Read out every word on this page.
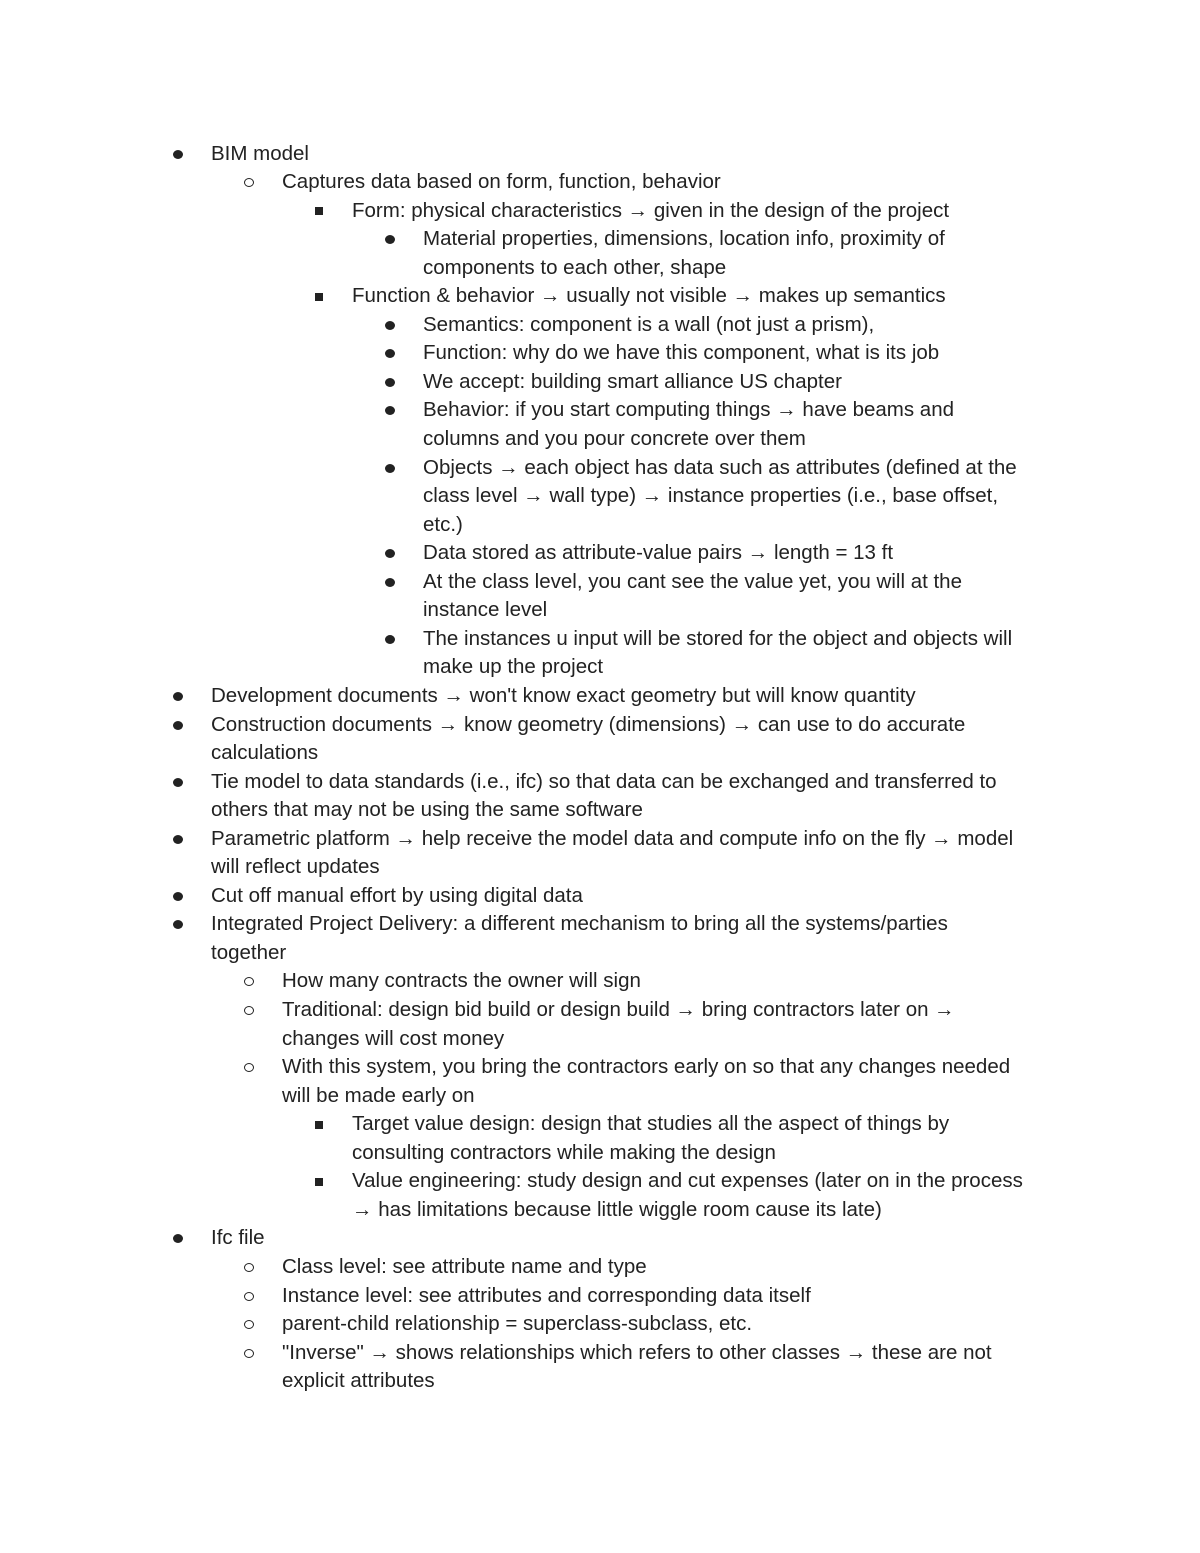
BIM model
Captures data based on form, function, behavior
Form: physical characteristics → given in the design of the project
Material properties, dimensions, location info, proximity of
components to each other, shape
Function & behavior → usually not visible → makes up semantics
Semantics: component is a wall (not just a prism),
Function: why do we have this component, what is its job
We accept: building smart alliance US chapter
Behavior: if you start computing things → have beams and
columns and you pour concrete over them
Objects → each object has data such as attributes (defined at the
class level → wall type) → instance properties (i.e., base offset,
etc.)
Data stored as attribute-value pairs → length = 13 ft
At the class level, you cant see the value yet, you will at the
instance level
The instances u input will be stored for the object and objects will
make up the project
Development documents → won't know exact geometry but will know quantity
Construction documents → know geometry (dimensions) → can use to do accurate
calculations
Tie model to data standards (i.e., ifc) so that data can be exchanged and transferred to
others that may not be using the same software
Parametric platform → help receive the model data and compute info on the fly → model
will reflect updates
Cut off manual effort by using digital data
Integrated Project Delivery: a different mechanism to bring all the systems/parties
together
How many contracts the owner will sign
Traditional: design bid build or design build → bring contractors later on →
changes will cost money
With this system, you bring the contractors early on so that any changes needed
will be made early on
Target value design: design that studies all the aspect of things by
consulting contractors while making the design
Value engineering: study design and cut expenses (later on in the process
→ has limitations because little wiggle room cause its late)
Ifc file
Class level: see attribute name and type
Instance level: see attributes and corresponding data itself
parent-child relationship = superclass-subclass, etc.
"Inverse" → shows relationships which refers to other classes → these are not
explicit attributes
